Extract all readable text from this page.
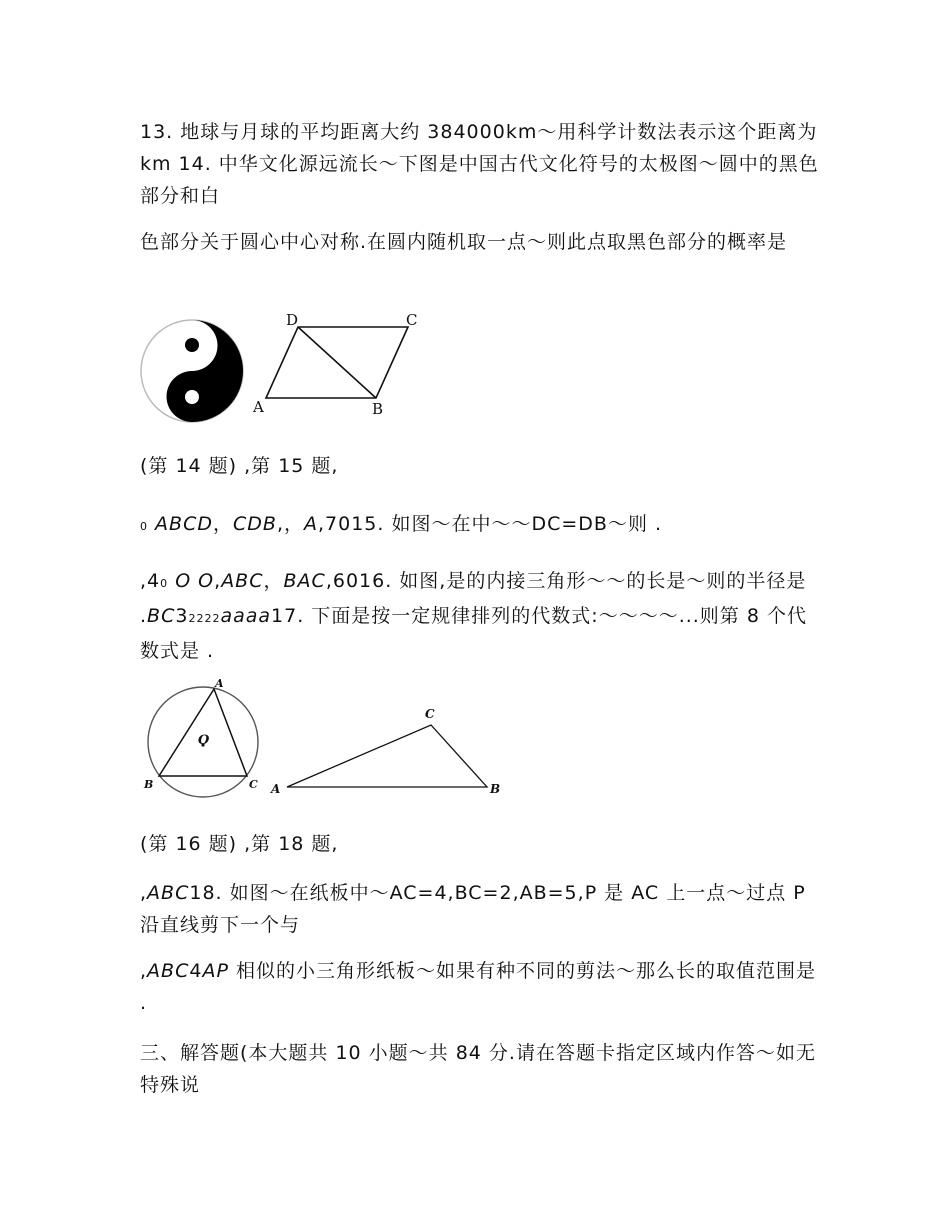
13. 地球与月球的平均距离大约 384000km～用科学计数法表示这个距离为 km 14. 中华文化源远流长～下图是中国古代文化符号的太极图～圆中的黑色部分和白

色部分关于圆心中心对称.在圆内随机取一点～则此点取黑色部分的概率是

D	C
A	B

(第 14 题) ,第 15 题,

0 ABCD，CDB,，A,7015. 如图～在中～～DC=DB～则 .

,40 O O,ABC，BAC,6016. 如图,是的内接三角形～～的长是～则的半径是 .BC32222aaaa17. 下面是按一定规律排列的代数式:～～～～...则第 8 个代数式是 .

A
O
B	C
C
A	B

(第 16 题) ,第 18 题,

,ABC18. 如图～在纸板中～AC=4,BC=2,AB=5,P 是 AC 上一点～过点 P 沿直线剪下一个与

,ABC4AP 相似的小三角形纸板～如果有种不同的剪法～那么长的取值范围是 .

三、解答题(本大题共 10 小题～共 84 分.请在答题卡指定区域内作答～如无特殊说
